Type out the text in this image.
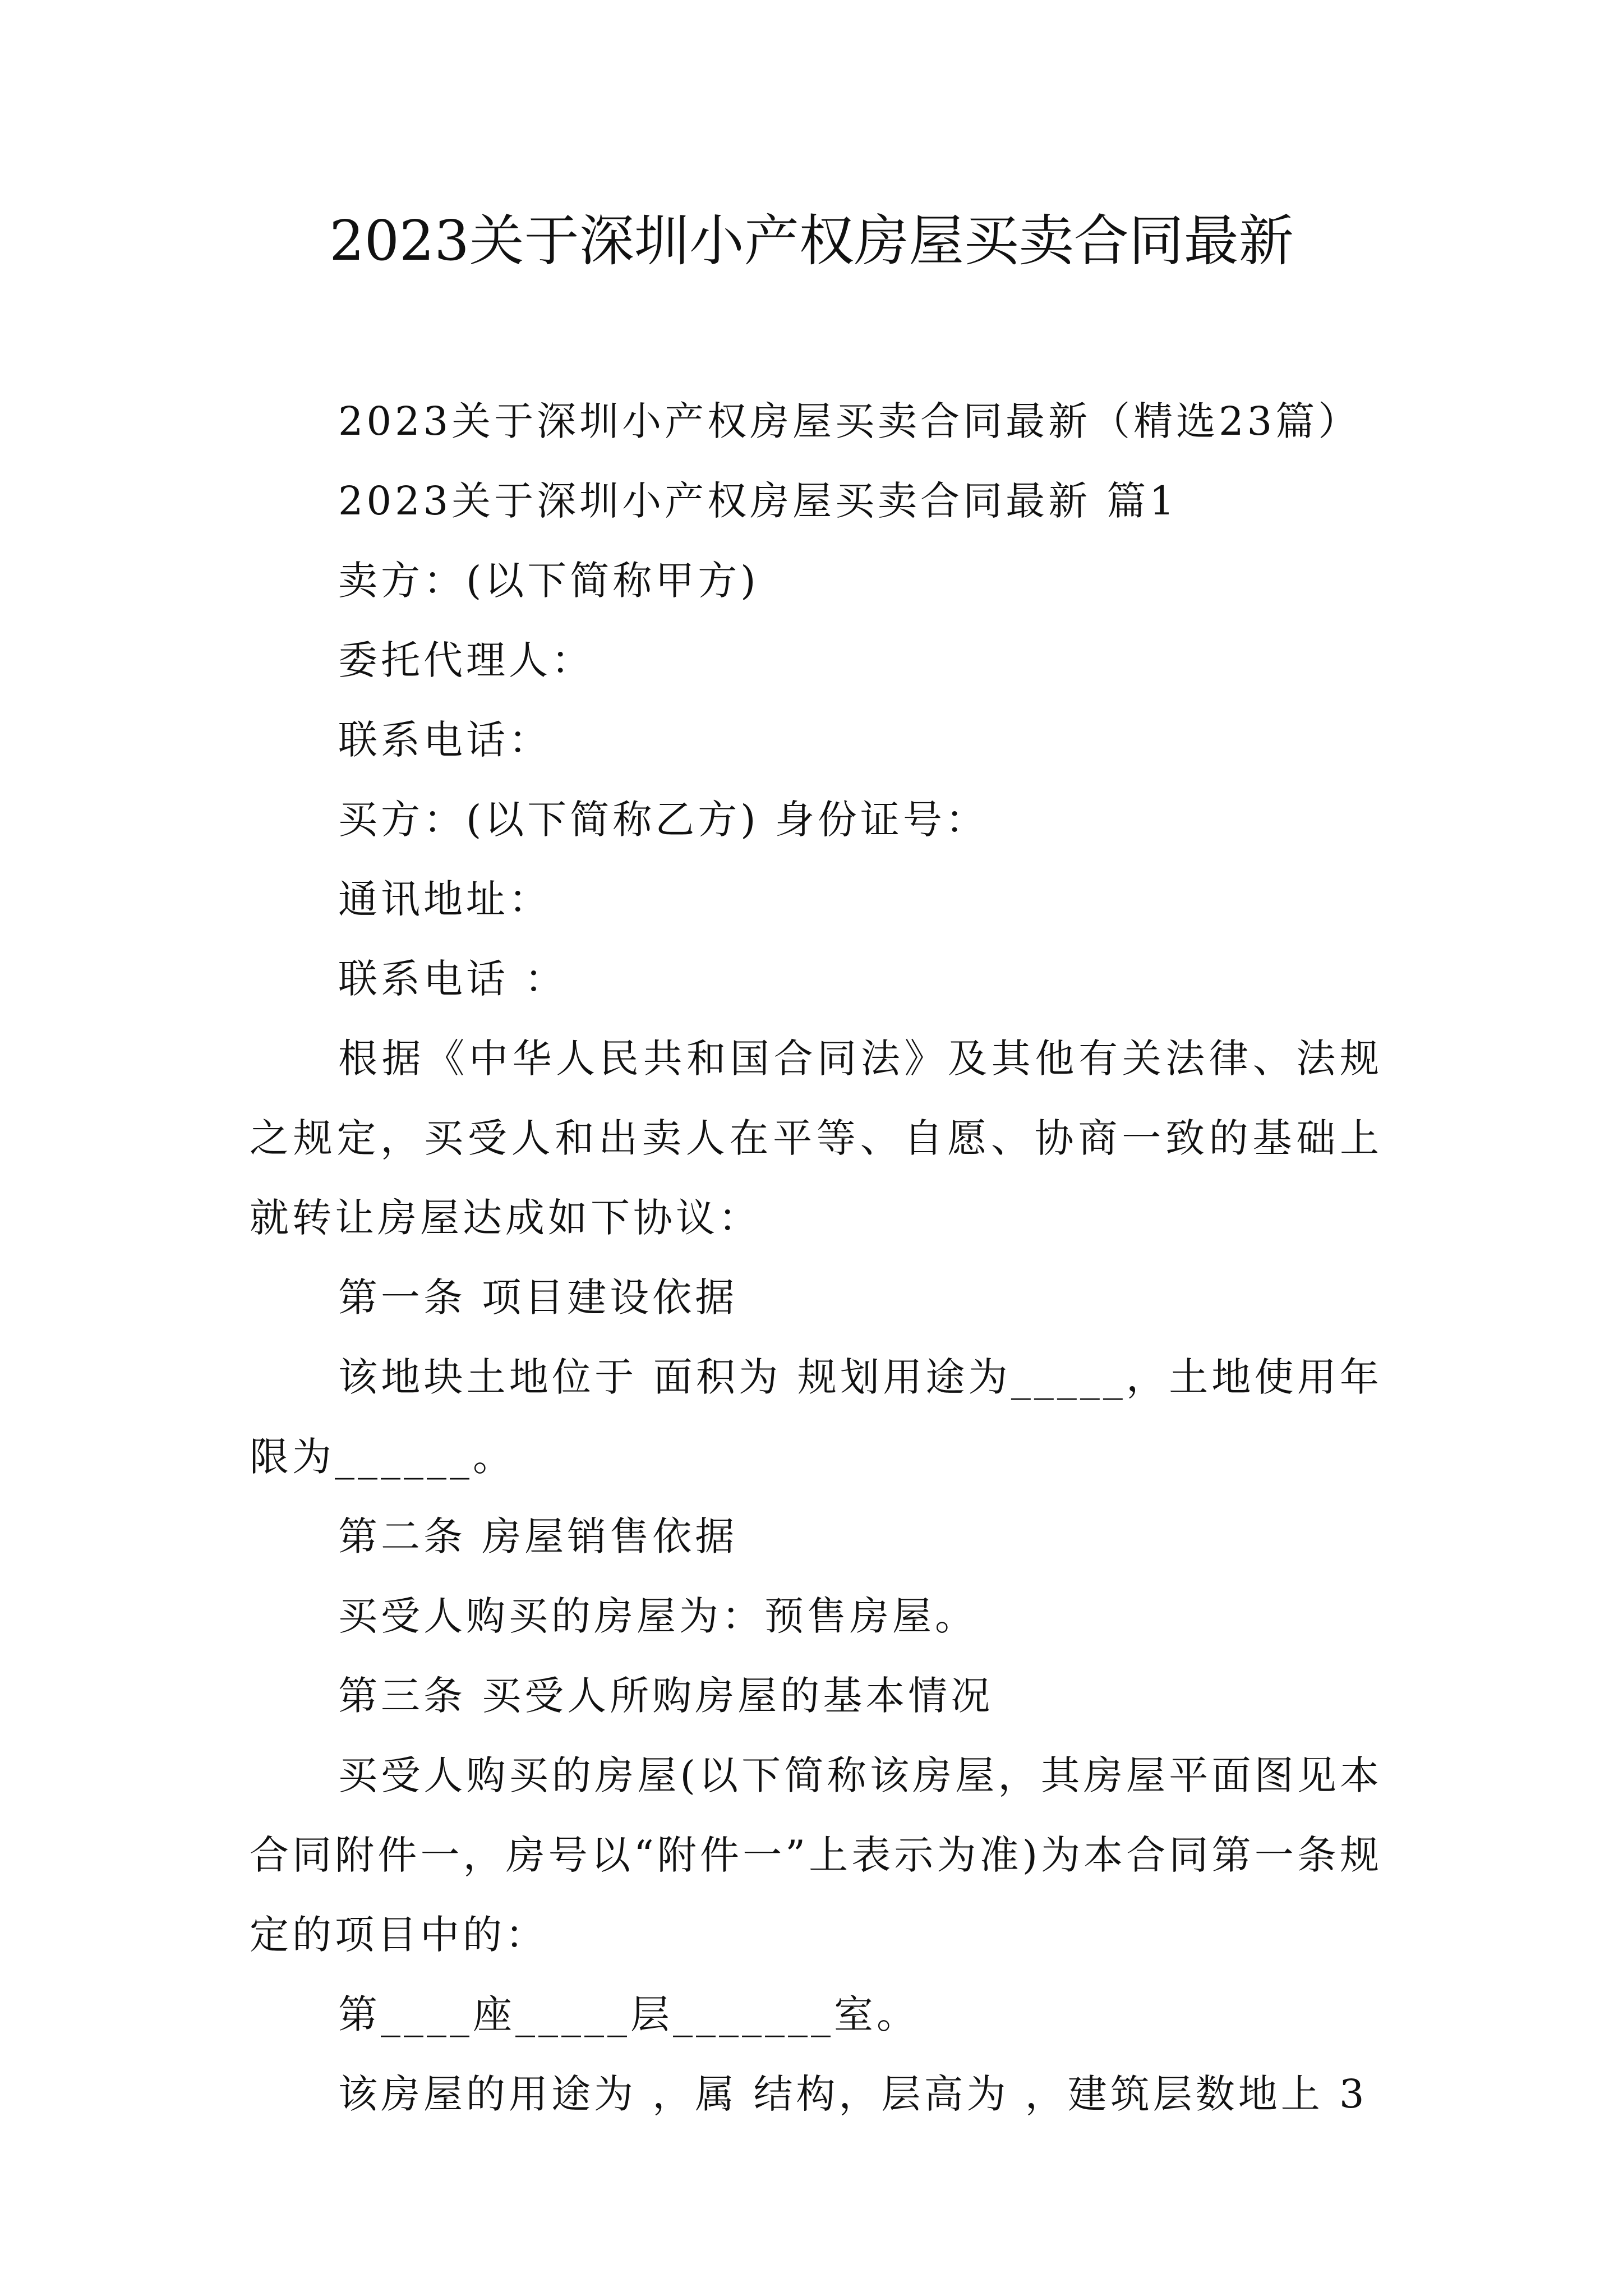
2023关于深圳小产权房屋买卖合同最新

2023关于深圳小产权房屋买卖合同最新（精选23篇）

2023关于深圳小产权房屋买卖合同最新 篇1

卖方：(以下简称甲方)

委托代理人：

联系电话：

买方：(以下简称乙方) 身份证号：

通讯地址：

联系电话 ：

根据《中华人民共和国合同法》及其他有关法律、法规之规定，买受人和出卖人在平等、自愿、协商一致的基础上就转让房屋达成如下协议：

第一条 项目建设依据

该地块土地位于 面积为 规划用途为_____，土地使用年限为______。

第二条 房屋销售依据

买受人购买的房屋为：预售房屋。

第三条 买受人所购房屋的基本情况

买受人购买的房屋(以下简称该房屋，其房屋平面图见本合同附件一，房号以“附件一”上表示为准)为本合同第一条规定的项目中的：

第____座_____层_______室。

该房屋的用途为 ，属 结构，层高为 ，建筑层数地上 3
